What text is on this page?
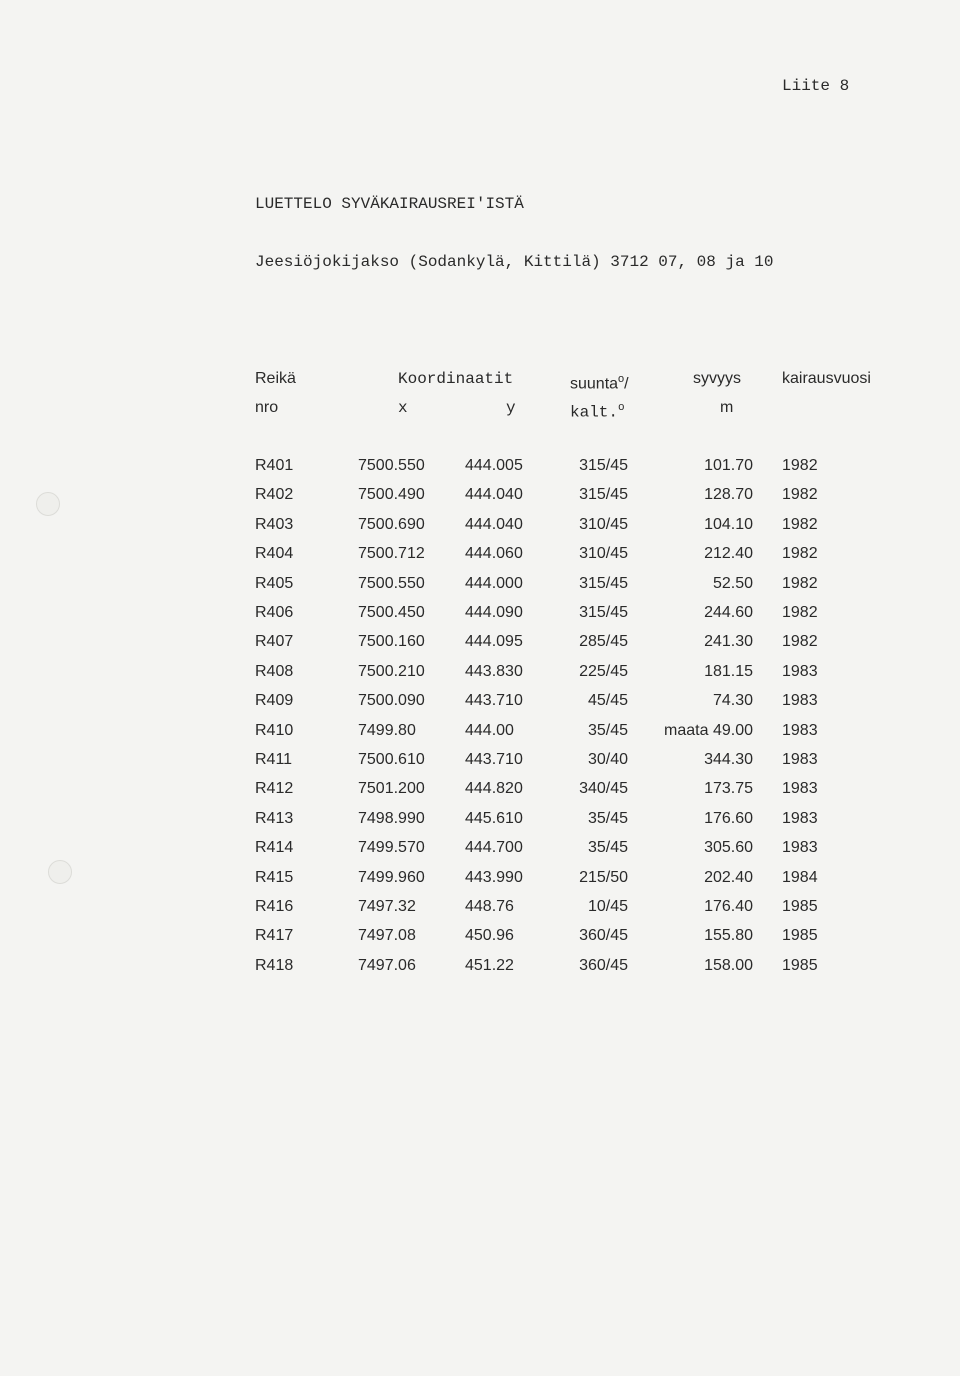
Liite 8
LUETTELO SYVÄKAIRAUSREI'ISTÄ
Jeesiöjokijakso (Sodankylä, Kittilä) 3712 07, 08 ja 10
Reikä	Koordinaatit	suunta$^o$/	syvyys	kairausvuosi
nro	x	y	kalt.$^o$	m
R401	7500.550	444.005	315/45	101.70 1982
R402	7500.490	444.040	315/45	128.70 1982
R403	7500.690	444.040	310/45	104.10 1982
R404	7500.712	444.060	310/45	212.40 1982
R405	7500.550	444.000	315/45	52.50 1982
R406	7500.450	444.090	315/45	244.60 1982
R407	7500.160	444.095	285/45	241.30 1982
R408	7500.210	443.830	225/45	181.15 1983
R409	7500.090	443.710	45/45	74.30 1983
R410	7499.80	444.00	35/45 maata 49.00 1983
R411	7500.610	443.710	30/40	344.30 1983
R412	7501.200	444.820	340/45	173.75 1983
R413	7498.990	445.610	35/45	176.60 1983
R414	7499.570	444.700	35/45	305.60 1983
R415	7499.960	443.990	215/50	202.40 1984
R416	7497.32	448.76	10/45	176.40 1985
R417	7497.08	450.96	360/45	155.80 1985
R418	7497.06	451.22	360/45	158.00 1985
